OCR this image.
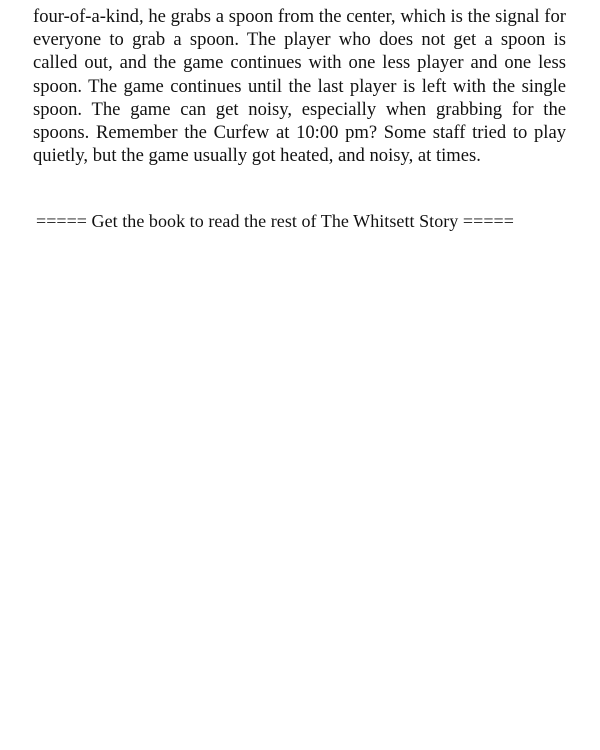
four-of-a-kind, he grabs a spoon from the center, which is the signal for everyone to grab a spoon. The player who does not get a spoon is called out, and the game continues with one less player and one less spoon. The game continues until the last player is left with the single spoon. The game can get noisy, especially when grabbing for the spoons. Remember the Curfew at 10:00 pm? Some staff tried to play quietly, but the game usually got heated, and noisy, at times.

===== Get the book to read the rest of The Whitsett Story =====
